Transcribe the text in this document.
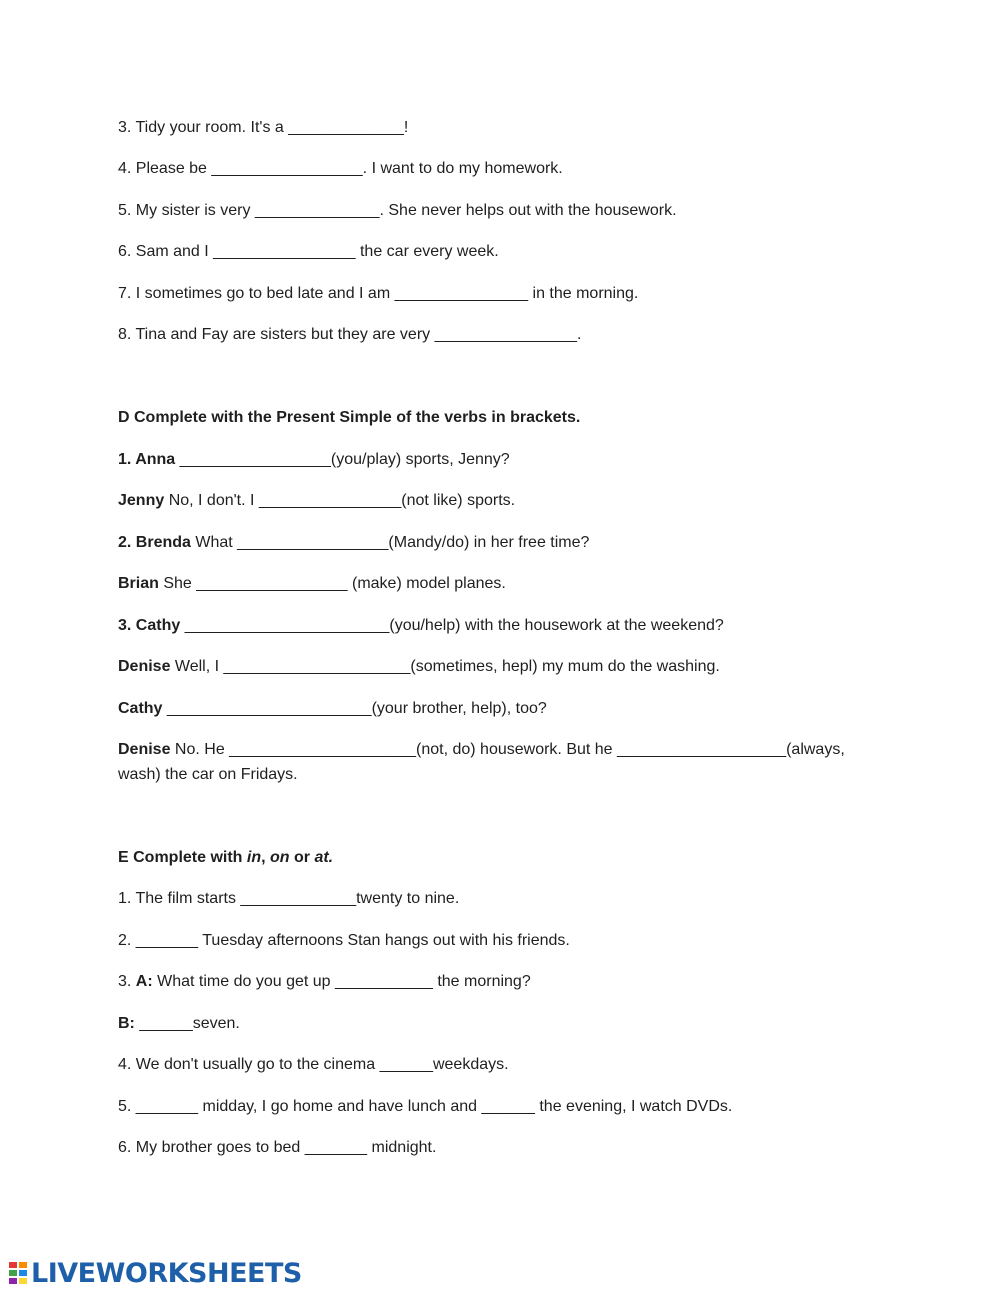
3. Tidy your room. It's a _____________!
4. Please be _________________. I want to do my homework.
5. My sister is very ______________. She never helps out with the housework.
6. Sam and I ________________ the car every week.
7. I sometimes go to bed late and I am _______________ in the morning.
8. Tina and Fay are sisters but they are very ________________.
D Complete with the Present Simple of the verbs in brackets.
1. Anna _________________(you/play) sports, Jenny?
Jenny No, I don't. I ________________(not like) sports.
2. Brenda What _________________(Mandy/do) in her free time?
Brian She _________________ (make) model planes.
3. Cathy _______________________(you/help) with the housework at the weekend?
Denise Well, I _____________________(sometimes, hepl) my mum do the washing.
Cathy _______________________(your brother, help), too?
Denise No. He _____________________(not, do) housework. But he ___________________(always, wash) the car on Fridays.
E Complete with in, on or at.
1. The film starts _____________twenty to nine.
2. _______ Tuesday afternoons Stan hangs out with his friends.
3. A: What time do you get up ___________ the morning?
B: ______seven.
4. We don't usually go to the cinema ______weekdays.
5. _______ midday, I go home and have lunch and ______ the evening, I watch DVDs.
6. My brother goes to bed _______ midnight.
LIVEWORKSHEETS
